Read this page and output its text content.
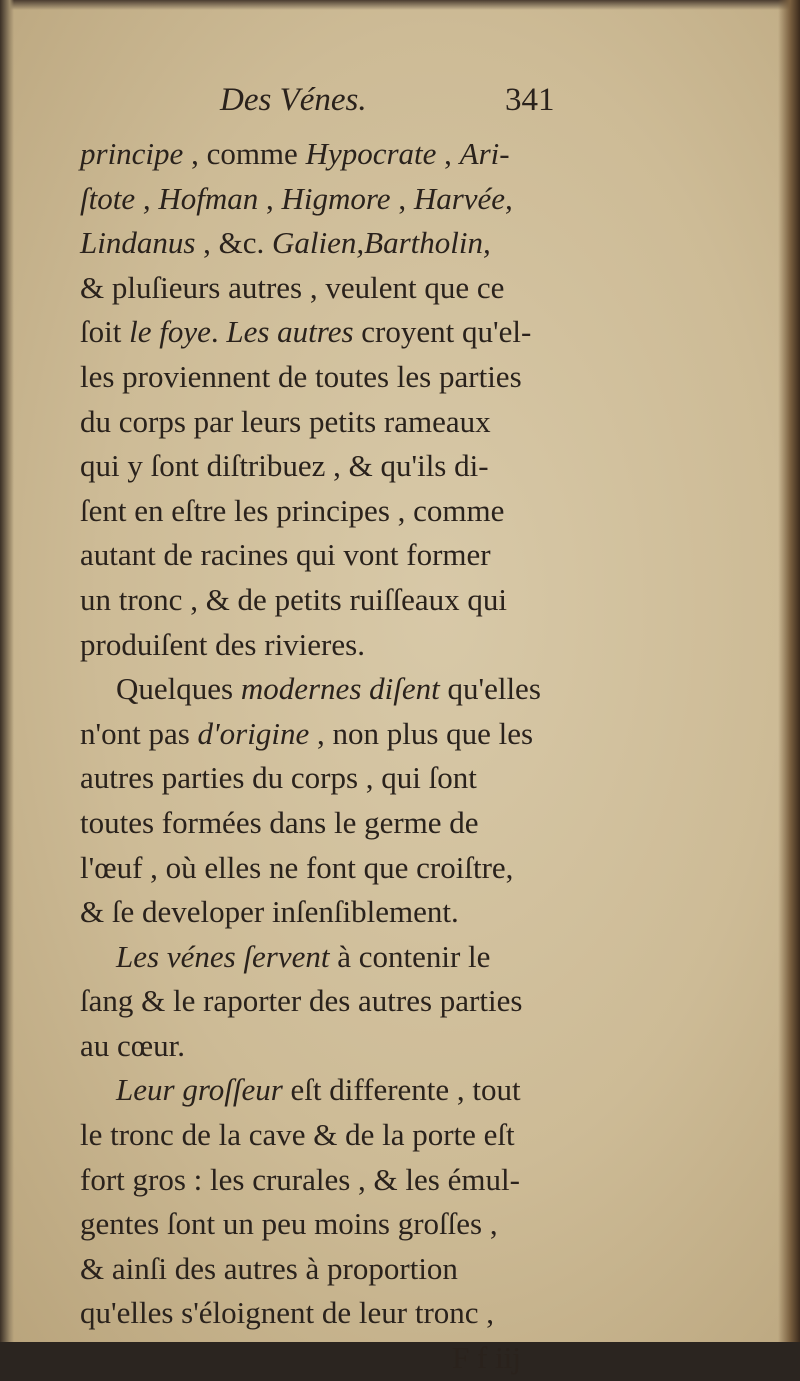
Des Vénes.	341
principe , comme Hypocrate , Ari-
ſtote , Hofman , Higmore , Harvée,
Lindanus , &c. Galien,Bartholin,
& pluſieurs autres , veulent que ce
ſoit le foye. Les autres croyent qu'el-
les proviennent de toutes les parties
du corps par leurs petits rameaux
qui y ſont diſtribuez , & qu'ils di-
ſent en eſtre les principes , comme
autant de racines qui vont former
un tronc , & de petits ruiſſeaux qui
produiſent des rivieres.
Quelques modernes diſent qu'elles
n'ont pas d'origine , non plus que les
autres parties du corps , qui ſont
toutes formées dans le germe de
l'œuf , où elles ne font que croiſtre,
& ſe developer inſenſiblement.
Les vénes ſervent à contenir le
ſang & le raporter des autres parties
au cœur.
Leur groſſeur eſt differente , tout
le tronc de la cave & de la porte eſt
fort gros : les crurales , & les émul-
gentes ſont un peu moins groſſes ,
& ainſi des autres à proportion
qu'elles s'éloignent de leur tronc ,
F f iij
